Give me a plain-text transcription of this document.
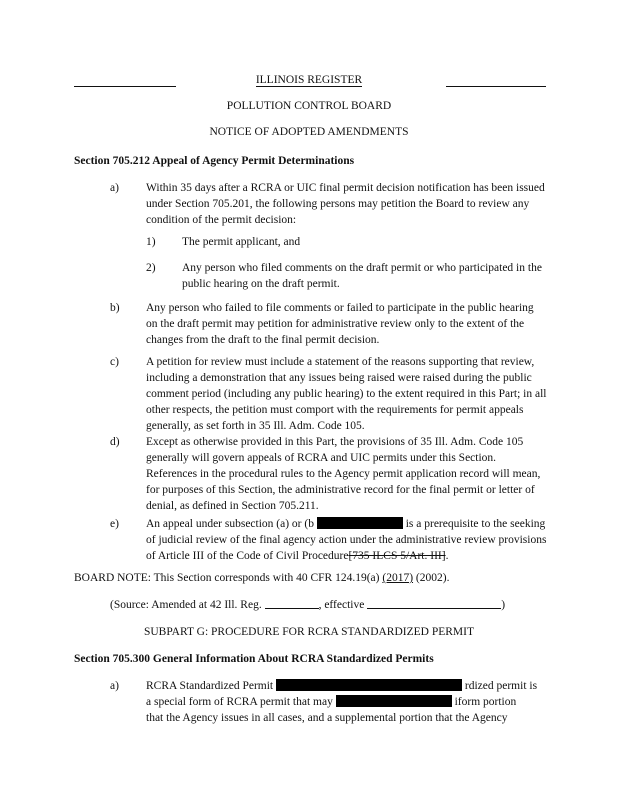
ILLINOIS REGISTER
POLLUTION CONTROL BOARD
NOTICE OF ADOPTED AMENDMENTS
Section 705.212 Appeal of Agency Permit Determinations
a) Within 35 days after a RCRA or UIC final permit decision notification has been issued under Section 705.201, the following persons may petition the Board to review any condition of the permit decision:
1) The permit applicant, and
2) Any person who filed comments on the draft permit or who participated in the public hearing on the draft permit.
b) Any person who failed to file comments or failed to participate in the public hearing on the draft permit may petition for administrative review only to the extent of the changes from the draft to the final permit decision.
c) A petition for review must include a statement of the reasons supporting that review, including a demonstration that any issues being raised were raised during the public comment period (including any public hearing) to the extent required in this Part; in all other respects, the petition must comport with the requirements for permit appeals generally, as set forth in 35 Ill. Adm. Code 105.
d) Except as otherwise provided in this Part, the provisions of 35 Ill. Adm. Code 105 generally will govern appeals of RCRA and UIC permits under this Section. References in the procedural rules to the Agency permit application record will mean, for purposes of this Section, the administrative record for the final permit or letter of denial, as defined in Section 705.211.
e) An appeal under subsection (a) or (b	is a prerequisite to the seeking of judicial review of the final agency action under the administrative review provisions of Article III of the Code of Civil Procedure[735 ILCS 5/Art. III].
BOARD NOTE: This Section corresponds with 40 CFR 124.19(a) (2017) (2002).
(Source: Amended at 42 Ill. Reg.	, effective	)
SUBPART G: PROCEDURE FOR RCRA STANDARDIZED PERMIT
Section 705.300 General Information About RCRA Standardized Permits
a) RCRA Standardized Permit	rdized permit is
a special form of RCRA permit that may	iform portion
that the Agency issues in all cases, and a supplemental portion that the Agency
